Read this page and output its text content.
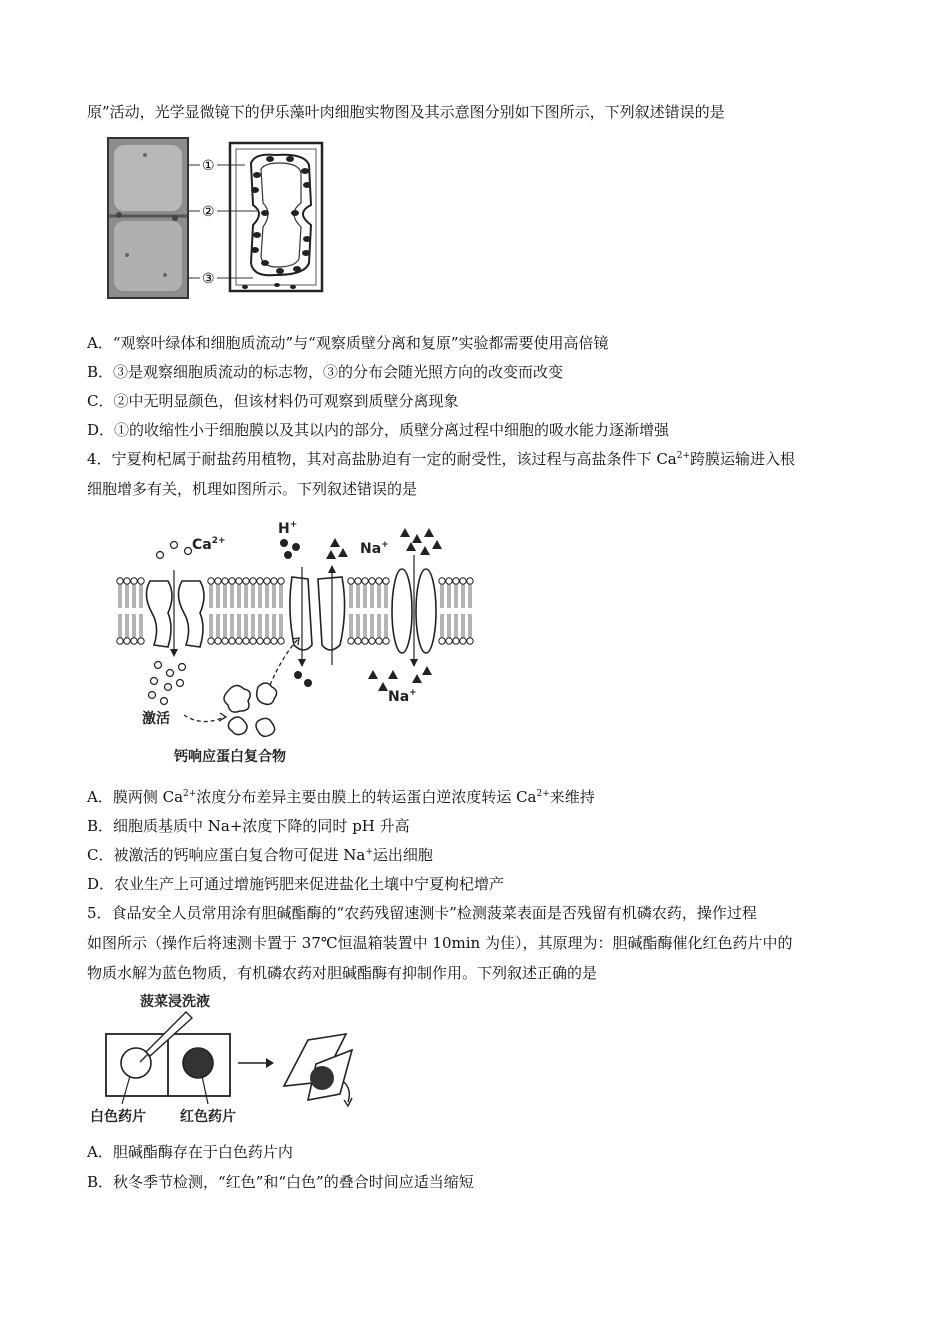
原”活动，光学显微镜下的伊乐藻叶肉细胞实物图及其示意图分别如下图所示，下列叙述错误的是
①
②
③
A．“观察叶绿体和细胞质流动”与“观察质壁分离和复原”实验都需要使用高倍镜
B．③是观察细胞质流动的标志物，③的分布会随光照方向的改变而改变
C．②中无明显颜色，但该材料仍可观察到质壁分离现象
D．①的收缩性小于细胞膜以及其以内的部分，质壁分离过程中细胞的吸水能力逐渐增强
4．宁夏枸杞属于耐盐药用植物，其对高盐胁迫有一定的耐受性，该过程与高盐条件下 $Ca^{2+}$跨膜运输进入根
细胞增多有关，机理如图所示。下列叙述错误的是
$Ca^{2+}$
H+
Na+
Na+
激活
钙响应蛋白复合物
A．膜两侧 $Ca^{2+}$浓度分布差异主要由膜上的转运蛋白逆浓度转运 $Ca^{2+}$来维持
B．细胞质基质中 Na+浓度下降的同时 pH 升高
C．被激活的钙响应蛋白复合物可促进 Na+运出细胞
D．农业生产上可通过增施钙肥来促进盐化土壤中宁夏枸杞增产
5．食品安全人员常用涂有胆碱酯酶的“农药残留速测卡”检测菠菜表面是否残留有机磷农药，操作过程
如图所示（操作后将速测卡置于 37℃恒温箱装置中 10min 为佳），其原理为：胆碱酯酶催化红色药片中的
物质水解为蓝色物质，有机磷农药对胆碱酯酶有抑制作用。下列叙述正确的是
菠菜浸洗液
白色药片 红色药片
A．胆碱酯酶存在于白色药片内
B．秋冬季节检测，“红色”和“白色”的叠合时间应适当缩短
